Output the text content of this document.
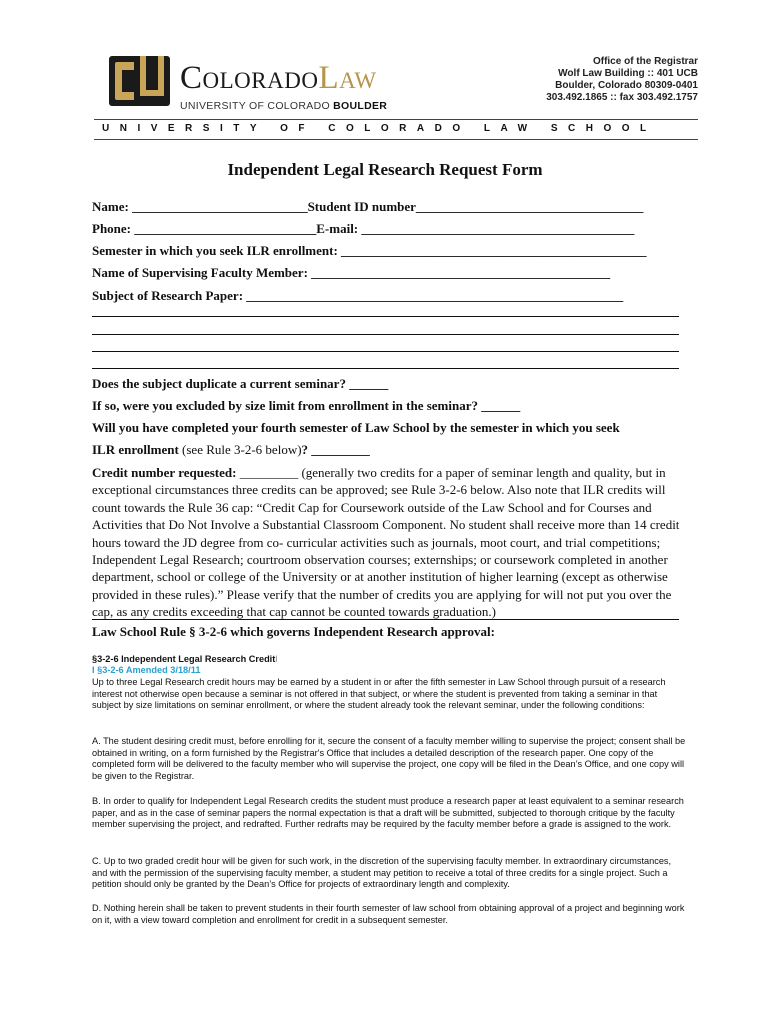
ColoradoLaw
UNIVERSITY OF COLORADO BOULDER
Office of the Registrar
Wolf Law Building :: 401 UCB
Boulder, Colorado 80309-0401
303.492.1865 :: fax 303.492.1757
UNIVERSITY OF COLORADO LAW SCHOOL
Independent Legal Research Request Form
Name: ___________________________Student ID number___________________________________
Phone: ____________________________E-mail: __________________________________________
Semester in which you seek ILR enrollment: _______________________________________________
Name of Supervising Faculty Member: ______________________________________________
Subject of Research Paper: __________________________________________________________
Does the subject duplicate a current seminar? ______
If so, were you excluded by size limit from enrollment in the seminar? ______
Will you have completed your fourth semester of Law School by the semester in which you seek
ILR enrollment (see Rule 3-2-6 below)? _________
Credit number requested: _________ (generally two credits for a paper of seminar length and quality, but in exceptional circumstances three credits can be approved; see Rule 3-2-6 below. Also note that ILR credits will count towards the Rule 36 cap: “Credit Cap for Coursework outside of the Law School and for Courses and Activities that Do Not Involve a Substantial Classroom Component. No student shall receive more than 14 credit hours toward the JD degree from co- curricular activities such as journals, moot court, and trial competitions; Independent Legal Research; courtroom observation courses; externships; or coursework completed in another department, school or college of the University or at another institution of higher learning (except as otherwise provided in these rules).” Please verify that the number of credits you are applying for will not put you over the cap, as any credits exceeding that cap cannot be counted towards graduation.)
Law School Rule § 3-2-6 which governs Independent Research approval:
§3-2-6 Independent Legal Research CreditI
I §3-2-6 Amended 3/18/11
Up to three Legal Research credit hours may be earned by a student in or after the fifth semester in Law School through pursuit of a research interest not otherwise open because a seminar is not offered in that subject, or where the student is prevented from taking a seminar in that subject by size limitations on seminar enrollment, or where the student already took the relevant seminar, under the following conditions:
A. The student desiring credit must, before enrolling for it, secure the consent of a faculty member willing to supervise the project; consent shall be obtained in writing, on a form furnished by the Registrar's Office that includes a detailed description of the research paper. One copy of the completed form will be delivered to the faculty member who will supervise the project, one copy will be filed in the Dean’s Office, and one copy will be given to the Registrar.
B. In order to qualify for Independent Legal Research credits the student must produce a research paper at least equivalent to a seminar research paper, and as in the case of seminar papers the normal expectation is that a draft will be submitted, subjected to thorough critique by the faculty member supervising the project, and redrafted. Further redrafts may be required by the faculty member before a grade is assigned to the work.
C. Up to two graded credit hour will be given for such work, in the discretion of the supervising faculty member. In extraordinary circumstances, and with the permission of the supervising faculty member, a student may petition to receive a total of three credits for a single project. Such a petition should only be granted by the Dean’s Office for projects of extraordinary length and complexity.
D. Nothing herein shall be taken to prevent students in their fourth semester of law school from obtaining approval of a project and beginning work on it, with a view toward completion and enrollment for credit in a subsequent semester.
